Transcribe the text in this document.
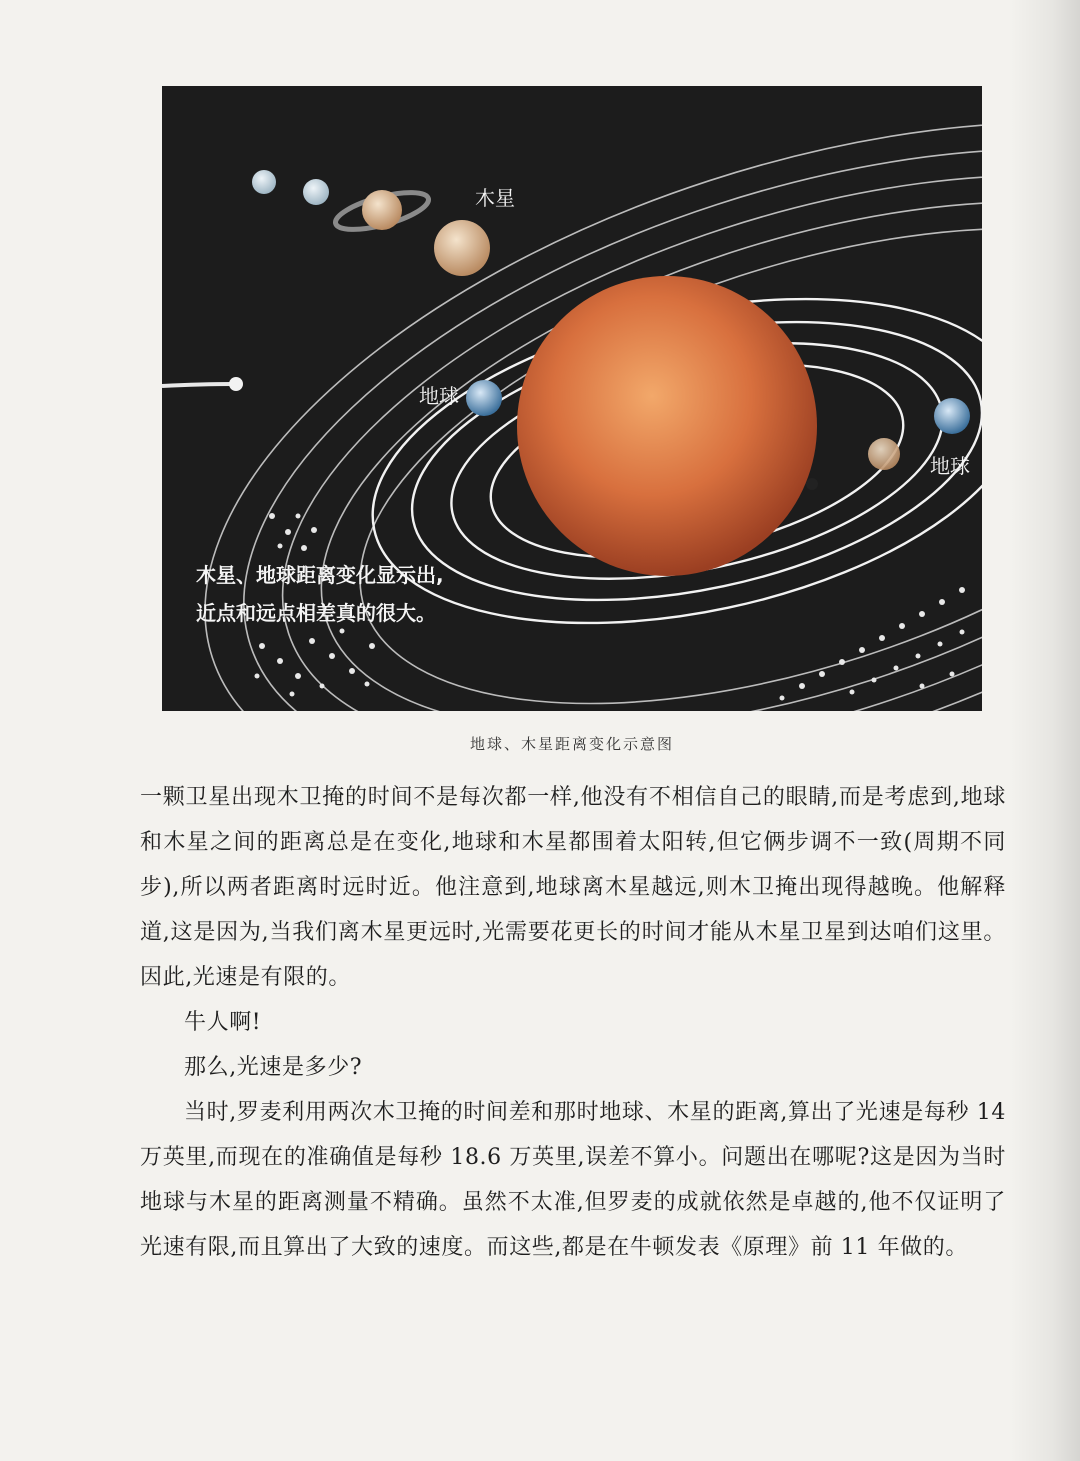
木星
地球
地球
木星、地球距离变化显示出,
近点和远点相差真的很大。
地球、木星距离变化示意图

一颗卫星出现木卫掩的时间不是每次都一样,他没有不相信自己的眼睛,而是考虑到,地球和木星之间的距离总是在变化,地球和木星都围着太阳转,但它俩步调不一致(周期不同步),所以两者距离时远时近。他注意到,地球离木星越远,则木卫掩出现得越晚。他解释道,这是因为,当我们离木星更远时,光需要花更长的时间才能从木星卫星到达咱们这里。因此,光速是有限的。

牛人啊!

那么,光速是多少?

当时,罗麦利用两次木卫掩的时间差和那时地球、木星的距离,算出了光速是每秒 14 万英里,而现在的准确值是每秒 18.6 万英里,误差不算小。问题出在哪呢?这是因为当时地球与木星的距离测量不精确。虽然不太准,但罗麦的成就依然是卓越的,他不仅证明了光速有限,而且算出了大致的速度。而这些,都是在牛顿发表《原理》前 11 年做的。
